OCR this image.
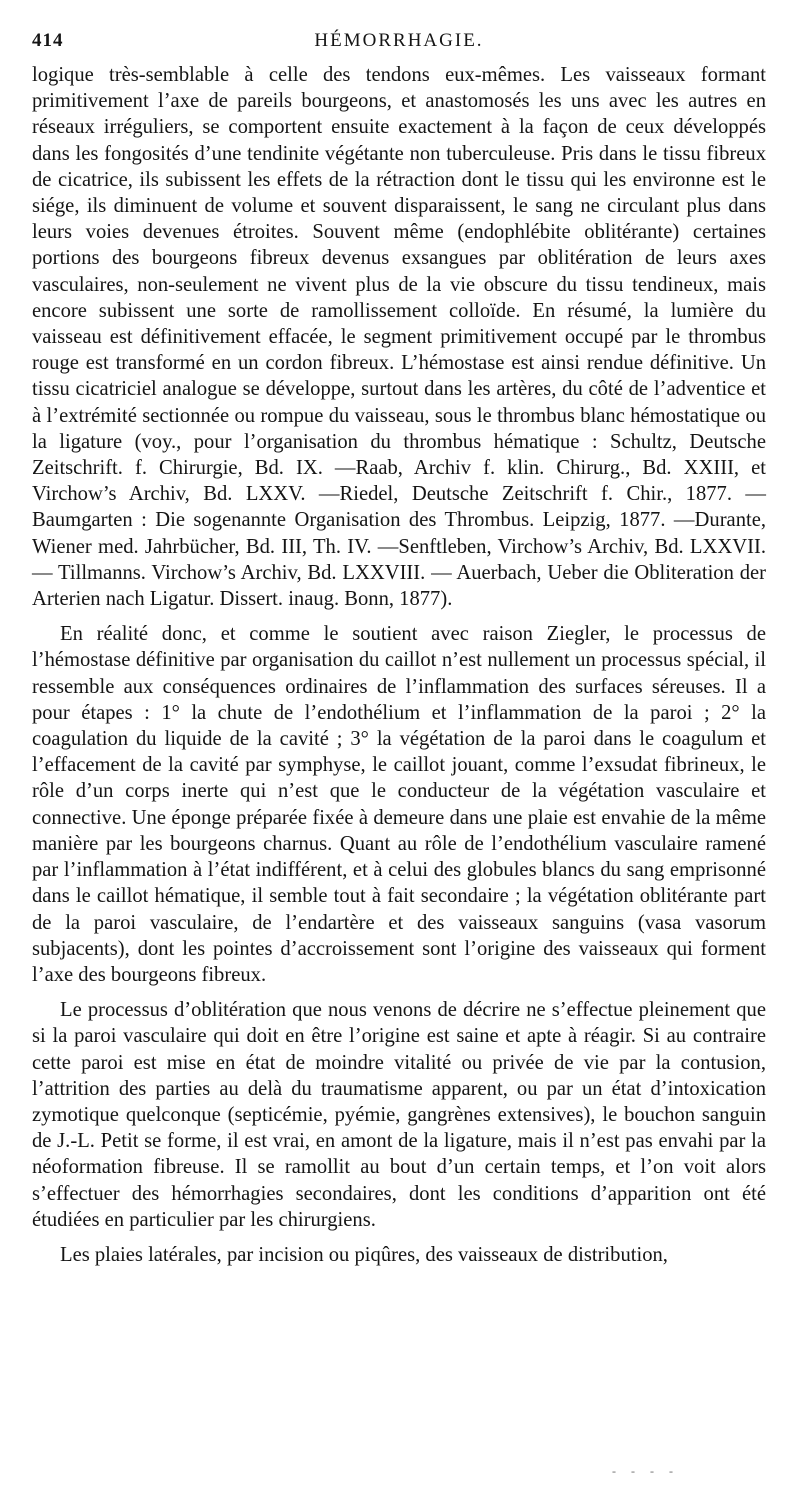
414	HÉMORRHAGIE.

logique très-semblable à celle des tendons eux-mêmes. Les vaisseaux formant primitivement l’axe de pareils bourgeons, et anastomosés les uns avec les autres en réseaux irréguliers, se comportent ensuite exactement à la façon de ceux développés dans les fongosités d’une tendinite végétante non tuberculeuse. Pris dans le tissu fibreux de cicatrice, ils subissent les effets de la rétraction dont le tissu qui les environne est le siége, ils diminuent de volume et souvent disparaissent, le sang ne circulant plus dans leurs voies devenues étroites. Souvent même (endophlébite oblitérante) certaines portions des bourgeons fibreux devenus exsangues par oblitération de leurs axes vasculaires, non-seulement ne vivent plus de la vie obscure du tissu tendineux, mais encore subissent une sorte de ramollissement colloïde. En résumé, la lumière du vaisseau est définitivement effacée, le segment primitivement occupé par le thrombus rouge est transformé en un cordon fibreux. L’hémostase est ainsi rendue définitive. Un tissu cicatriciel analogue se développe, surtout dans les artères, du côté de l’adventice et à l’extrémité sectionnée ou rompue du vaisseau, sous le thrombus blanc hémostatique ou la ligature (voy., pour l’organisation du thrombus hématique : Schultz, Deutsche Zeitschrift. f. Chirurgie, Bd. IX. —Raab, Archiv f. klin. Chirurg., Bd. XXIII, et Virchow’s Archiv, Bd. LXXV. —Riedel, Deutsche Zeitschrift f. Chir., 1877. — Baumgarten : Die sogenannte Organisation des Thrombus. Leipzig, 1877. —Durante, Wiener med. Jahrbücher, Bd. III, Th. IV. —Senftleben, Virchow’s Archiv, Bd. LXXVII. — Tillmanns. Virchow’s Archiv, Bd. LXXVIII. — Auerbach, Ueber die Obliteration der Arterien nach Ligatur. Dissert. inaug. Bonn, 1877).

En réalité donc, et comme le soutient avec raison Ziegler, le processus de l’hémostase définitive par organisation du caillot n’est nullement un processus spécial, il ressemble aux conséquences ordinaires de l’inflammation des surfaces séreuses. Il a pour étapes : 1° la chute de l’endothélium et l’inflammation de la paroi ; 2° la coagulation du liquide de la cavité ; 3° la végétation de la paroi dans le coagulum et l’effacement de la cavité par symphyse, le caillot jouant, comme l’exsudat fibrineux, le rôle d’un corps inerte qui n’est que le conducteur de la végétation vasculaire et connective. Une éponge préparée fixée à demeure dans une plaie est envahie de la même manière par les bourgeons charnus. Quant au rôle de l’endothélium vasculaire ramené par l’inflammation à l’état indifférent, et à celui des globules blancs du sang emprisonné dans le caillot hématique, il semble tout à fait secondaire ; la végétation oblitérante part de la paroi vasculaire, de l’endartère et des vaisseaux sanguins (vasa vasorum subjacents), dont les pointes d’accroissement sont l’origine des vaisseaux qui forment l’axe des bourgeons fibreux.

Le processus d’oblitération que nous venons de décrire ne s’effectue pleinement que si la paroi vasculaire qui doit en être l’origine est saine et apte à réagir. Si au contraire cette paroi est mise en état de moindre vitalité ou privée de vie par la contusion, l’attrition des parties au delà du traumatisme apparent, ou par un état d’intoxication zymotique quelconque (septicémie, pyémie, gangrènes extensives), le bouchon sanguin de J.-L. Petit se forme, il est vrai, en amont de la ligature, mais il n’est pas envahi par la néoformation fibreuse. Il se ramollit au bout d’un certain temps, et l’on voit alors s’effectuer des hémorrhagies secondaires, dont les conditions d’apparition ont été étudiées en particulier par les chirurgiens.

Les plaies latérales, par incision ou piqûres, des vaisseaux de distribution,

- - - -
